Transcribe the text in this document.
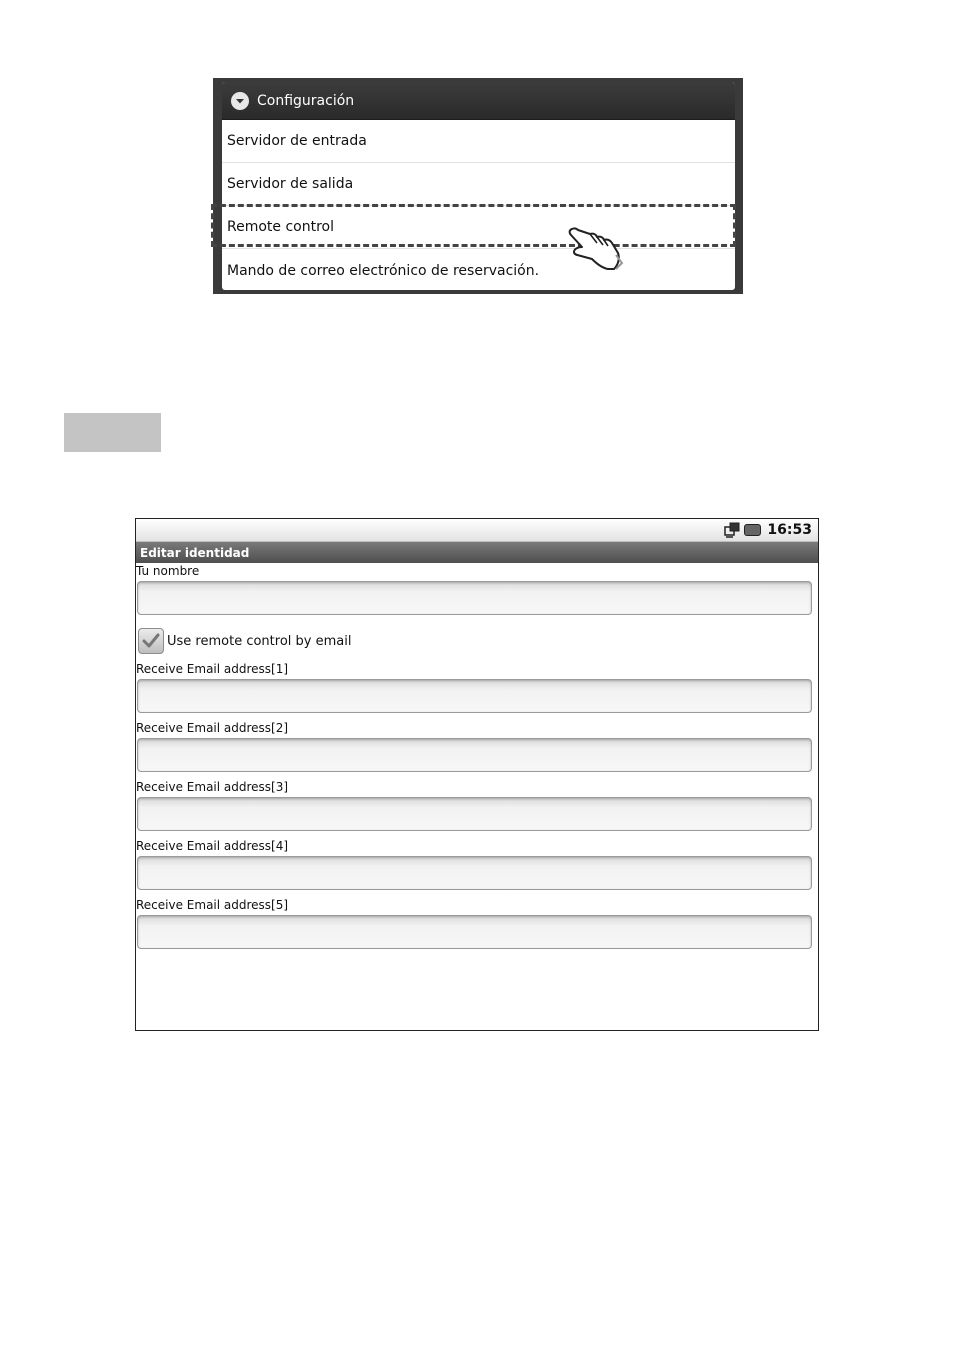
Configuración
Servidor de entrada
Servidor de salida
Remote control
Mando de correo electrónico de reservación.
16:53
Editar identidad
Tu nombre
Use remote control by email
Receive Email address[1]
Receive Email address[2]
Receive Email address[3]
Receive Email address[4]
Receive Email address[5]
